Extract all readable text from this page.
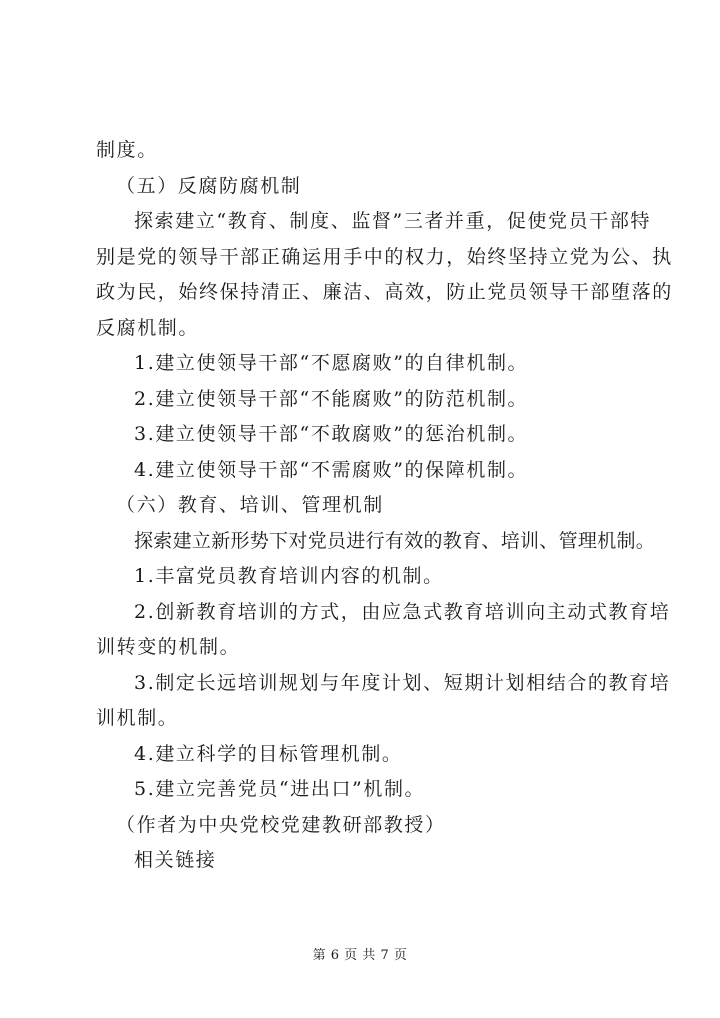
制度。
（五）反腐防腐机制
探索建立“教育、制度、监督”三者并重，促使党员干部特
别是党的领导干部正确运用手中的权力，始终坚持立党为公、执
政为民，始终保持清正、廉洁、高效，防止党员领导干部堕落的
反腐机制。
1.建立使领导干部“不愿腐败”的自律机制。
2.建立使领导干部“不能腐败”的防范机制。
3.建立使领导干部“不敢腐败”的惩治机制。
4.建立使领导干部“不需腐败”的保障机制。
（六）教育、培训、管理机制
探索建立新形势下对党员进行有效的教育、培训、管理机制。
1.丰富党员教育培训内容的机制。
2.创新教育培训的方式，由应急式教育培训向主动式教育培
训转变的机制。
3.制定长远培训规划与年度计划、短期计划相结合的教育培
训机制。
4.建立科学的目标管理机制。
5.建立完善党员“进出口”机制。
（作者为中央党校党建教研部教授）
相关链接
第 6 页 共 7 页
